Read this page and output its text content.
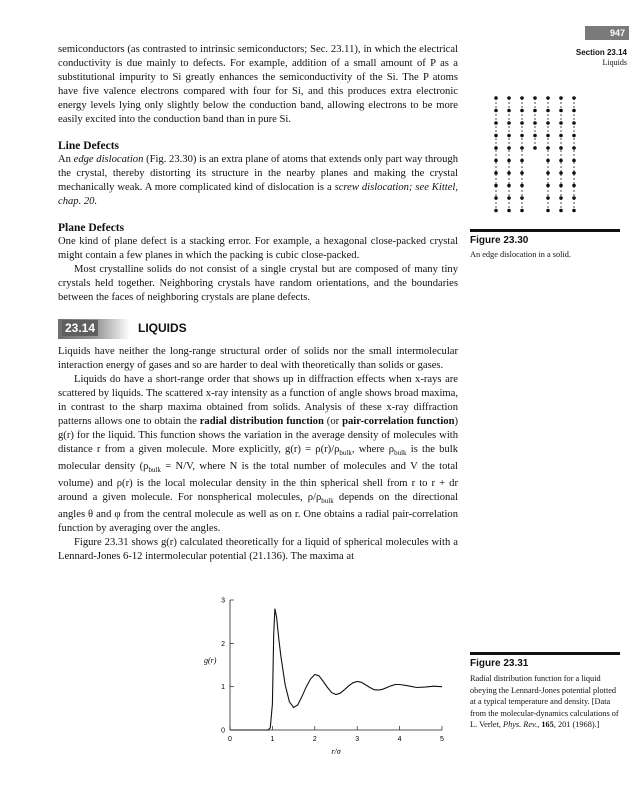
947
Section 23.14
Liquids

semiconductors (as contrasted to intrinsic semiconductors; Sec. 23.11), in which the electrical conductivity is due mainly to defects. For example, addition of a small amount of P as a substitutional impurity to Si greatly enhances the semiconductivity of the Si. The P atoms have five valence electrons compared with four for Si, and this produces extra electronic energy levels lying only slightly below the conduction band, allowing electrons to be more easily excited into the conduction band than in pure Si.

Line Defects

An edge dislocation (Fig. 23.30) is an extra plane of atoms that extends only part way through the crystal, thereby distorting its structure in the nearby planes and making the crystal mechanically weak. A more complicated kind of dislocation is a screw dislocation; see Kittel, chap. 20.

Plane Defects

One kind of plane defect is a stacking error. For example, a hexagonal close-packed crystal might contain a few planes in which the packing is cubic close-packed.

Most crystalline solids do not consist of a single crystal but are composed of many tiny crystals held together. Neighboring crystals have random orientations, and the boundaries between the faces of neighboring crystals are plane defects.

23.14	LIQUIDS

Liquids have neither the long-range structural order of solids nor the small intermolecular interaction energy of gases and so are harder to deal with theoretically than solids or gases.

Liquids do have a short-range order that shows up in diffraction effects when x-rays are scattered by liquids. The scattered x-ray intensity as a function of angle shows broad maxima, in contrast to the sharp maxima obtained from solids. Analysis of these x-ray diffraction patterns allows one to obtain the radial distribution function (or pair-correlation function) g(r) for the liquid. This function shows the variation in the average density of molecules with distance r from a given molecule. More explicitly, $g(r) = \rho(r)/\rho_{bulk}$, where $\rho_{bulk}$ is the bulk molecular density ($\rho_{bulk} = N/V$, where N is the total number of molecules and V the total volume) and ρ(r) is the local molecular density in the thin spherical shell from r to r + dr around a given molecule. For nonspherical molecules, $\rho/\rho_{bulk}$ depends on the directional angles θ and φ from the central molecule as well as on r. One obtains a radial pair-correlation function by averaging over the angles.

Figure 23.31 shows g(r) calculated theoretically for a liquid of spherical molecules with a Lennard-Jones 6-12 intermolecular potential (21.136). The maxima at

Figure 23.30
An edge dislocation in a solid.
0	1	2	3	4	5
0
1
2
3
g(r)
r/σ
Figure 23.31
Radial distribution function for a liquid obeying the Lennard-Jones potential plotted at a typical temperature and density. [Data from the molecular-dynamics calculations of L. Verlet, Phys. Rev., 165, 201 (1968).]
